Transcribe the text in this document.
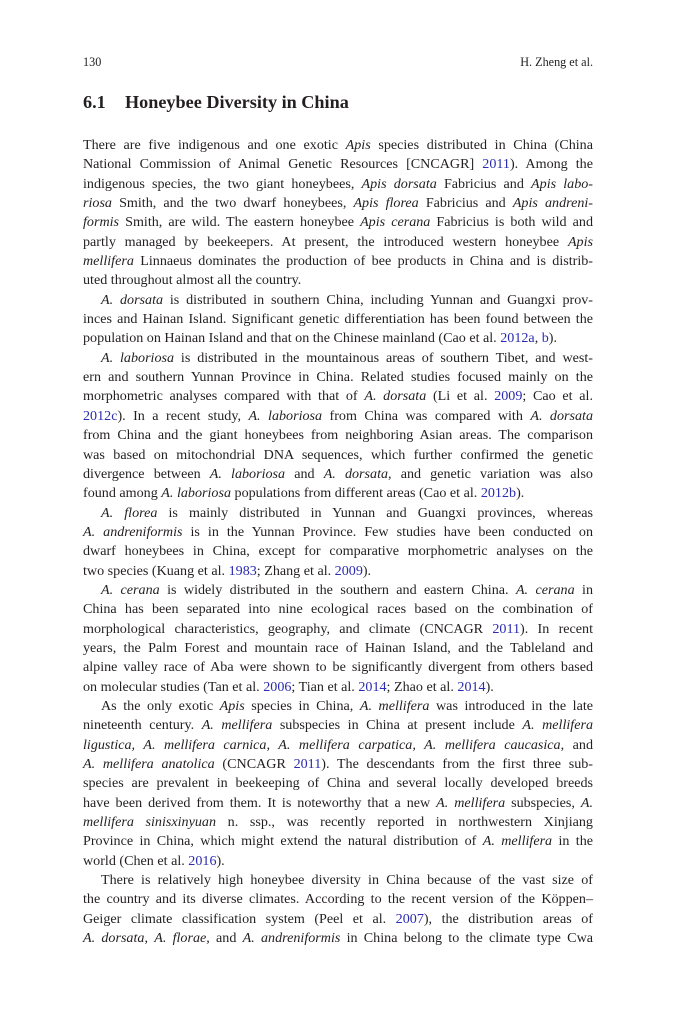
130	H. Zheng et al.
6.1 Honeybee Diversity in China
There are five indigenous and one exotic Apis species distributed in China (China
National Commission of Animal Genetic Resources [CNCAGR] 2011). Among the
indigenous species, the two giant honeybees, Apis dorsata Fabricius and Apis labo-
riosa Smith, and the two dwarf honeybees, Apis florea Fabricius and Apis andreni-
formis Smith, are wild. The eastern honeybee Apis cerana Fabricius is both wild and
partly managed by beekeepers. At present, the introduced western honeybee Apis
mellifera Linnaeus dominates the production of bee products in China and is distrib-
uted throughout almost all the country.
A. dorsata is distributed in southern China, including Yunnan and Guangxi prov-
inces and Hainan Island. Significant genetic differentiation has been found between the
population on Hainan Island and that on the Chinese mainland (Cao et al. 2012a, b).
A. laboriosa is distributed in the mountainous areas of southern Tibet, and west-
ern and southern Yunnan Province in China. Related studies focused mainly on the
morphometric analyses compared with that of A. dorsata (Li et al. 2009; Cao et al.
2012c). In a recent study, A. laboriosa from China was compared with A. dorsata
from China and the giant honeybees from neighboring Asian areas. The comparison
was based on mitochondrial DNA sequences, which further confirmed the genetic
divergence between A. laboriosa and A. dorsata, and genetic variation was also
found among A. laboriosa populations from different areas (Cao et al. 2012b).
A. florea is mainly distributed in Yunnan and Guangxi provinces, whereas
A. andreniformis is in the Yunnan Province. Few studies have been conducted on
dwarf honeybees in China, except for comparative morphometric analyses on the
two species (Kuang et al. 1983; Zhang et al. 2009).
A. cerana is widely distributed in the southern and eastern China. A. cerana in
China has been separated into nine ecological races based on the combination of
morphological characteristics, geography, and climate (CNCAGR 2011). In recent
years, the Palm Forest and mountain race of Hainan Island, and the Tableland and
alpine valley race of Aba were shown to be significantly divergent from others based
on molecular studies (Tan et al. 2006; Tian et al. 2014; Zhao et al. 2014).
As the only exotic Apis species in China, A. mellifera was introduced in the late
nineteenth century. A. mellifera subspecies in China at present include A. mellifera
ligustica, A. mellifera carnica, A. mellifera carpatica, A. mellifera caucasica, and
A. mellifera anatolica (CNCAGR 2011). The descendants from the first three sub-
species are prevalent in beekeeping of China and several locally developed breeds
have been derived from them. It is noteworthy that a new A. mellifera subspecies, A.
mellifera sinisxinyuan n. ssp., was recently reported in northwestern Xinjiang
Province in China, which might extend the natural distribution of A. mellifera in the
world (Chen et al. 2016).
There is relatively high honeybee diversity in China because of the vast size of
the country and its diverse climates. According to the recent version of the Köppen–
Geiger climate classification system (Peel et al. 2007), the distribution areas of
A. dorsata, A. florae, and A. andreniformis in China belong to the climate type Cwa
